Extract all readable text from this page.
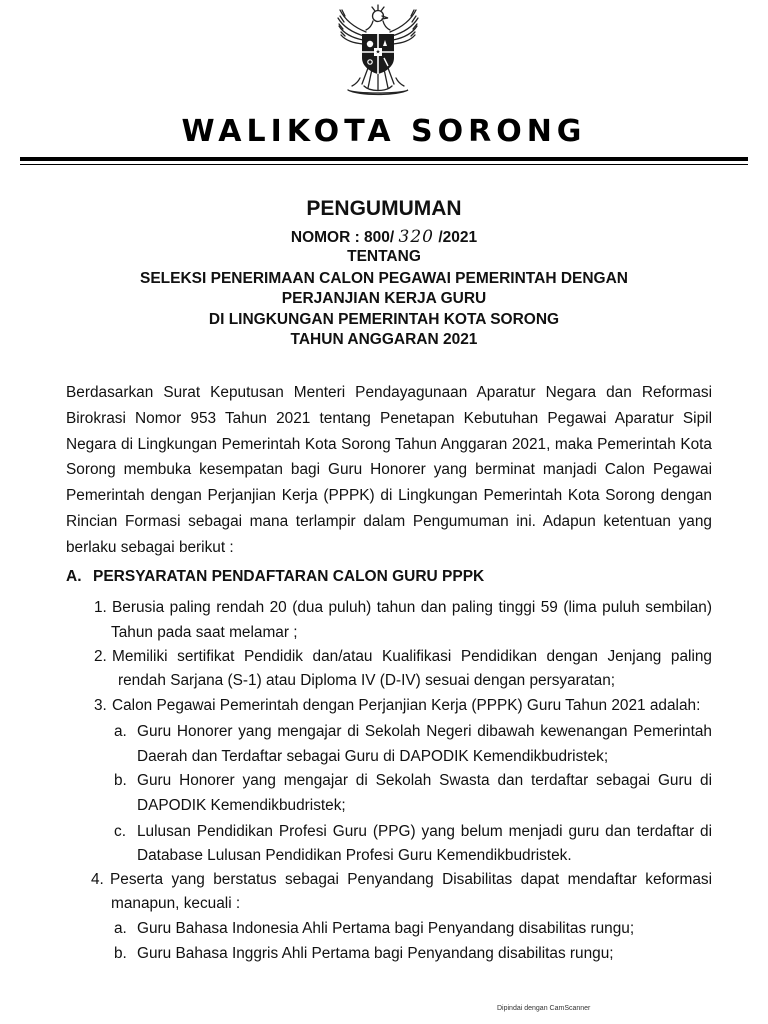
WALIKOTA SORONG
PENGUMUMAN
NOMOR : 800/ 320 /2021
TENTANG
SELEKSI PENERIMAAN CALON PEGAWAI PEMERINTAH DENGAN
PERJANJIAN KERJA GURU
DI LINGKUNGAN PEMERINTAH KOTA SORONG
TAHUN ANGGARAN 2021
Berdasarkan Surat Keputusan Menteri Pendayagunaan Aparatur Negara dan Reformasi Birokrasi Nomor 953 Tahun 2021 tentang Penetapan Kebutuhan Pegawai Aparatur Sipil Negara di Lingkungan Pemerintah Kota Sorong Tahun Anggaran 2021, maka Pemerintah Kota Sorong membuka kesempatan bagi Guru Honorer yang berminat manjadi Calon Pegawai Pemerintah dengan Perjanjian Kerja (PPPK) di Lingkungan Pemerintah Kota Sorong dengan Rincian Formasi sebagai mana terlampir dalam Pengumuman ini. Adapun ketentuan yang berlaku sebagai berikut :
A. PERSYARATAN PENDAFTARAN CALON GURU PPPK
1. Berusia paling rendah 20 (dua puluh) tahun dan paling tinggi 59 (lima puluh sembilan)
Tahun pada saat melamar ;
2. Memiliki sertifikat Pendidik dan/atau Kualifikasi Pendidikan dengan Jenjang paling
rendah Sarjana (S-1) atau Diploma IV (D-IV) sesuai dengan persyaratan;
3. Calon Pegawai Pemerintah dengan Perjanjian Kerja (PPPK) Guru Tahun 2021 adalah:
a. Guru Honorer yang mengajar di Sekolah Negeri dibawah kewenangan Pemerintah
Daerah dan Terdaftar sebagai Guru di DAPODIK Kemendikbudristek;
b. Guru Honorer yang mengajar di Sekolah Swasta dan terdaftar sebagai Guru di
DAPODIK Kemendikbudristek;
c. Lulusan Pendidikan Profesi Guru (PPG) yang belum menjadi guru dan terdaftar di
Database Lulusan Pendidikan Profesi Guru Kemendikbudristek.
4. Peserta yang berstatus sebagai Penyandang Disabilitas dapat mendaftar keformasi
manapun, kecuali :
a. Guru Bahasa Indonesia Ahli Pertama bagi Penyandang disabilitas rungu;
b. Guru Bahasa Inggris Ahli Pertama bagi Penyandang disabilitas rungu;
Dipindai dengan CamScanner
